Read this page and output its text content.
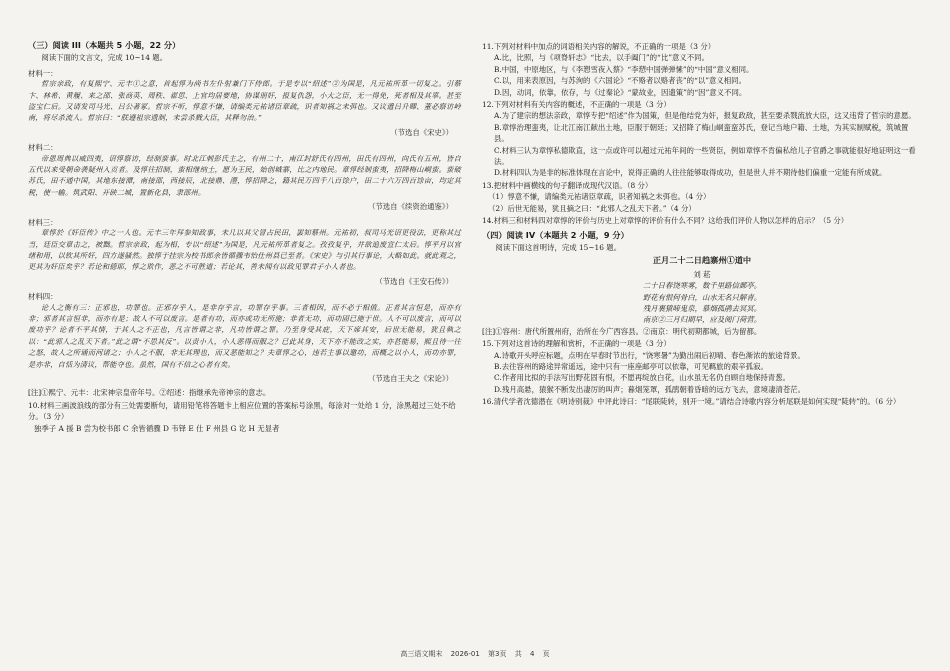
（三）阅读 III（本题共 5 小题，22 分）
阅读下面的文言文，完成 10~14 题。
材料一：
哲宗亲政，有复熙宁、元丰①之意，首起惇为尚书左仆射兼门下侍郎。于是专以“绍述”②为国是，凡元祐所革一切复之。引蔡卞、林希、黄履、来之邵、张商英、周秩、翟思、上官均居要地，协谋朋奸，报复仇怨，小大之臣，无一得免，死者相及其辜。甚至盗宝仁后。又请发司马光、吕公著冢。哲宗不听，惇意不慊，请编类元祐诸臣章疏，识者知祸之未弭也。又议遣吕升卿、董必察访岭南，将尽杀流人。哲宗曰：“朕遵祖宗遗制，未尝杀戮大臣，其释勿治。”
（节选自《宋史》）
材料二：
帝恩周典以威四夷，诏惇察访，经制蛮事。时北江刺彭氏主之，有州二十，南江封舒氏有四州，田氏有四州，向氏有五州，皆自五代以来受朝命袭疑州入贡者。及惇往招制，蛮相继纳土，愿为王民，始创城寨，比之内地民。章惇经制蛮夷，招降梅山峒蛮。蛮破苏氏，田不通中国，其地东接潭，南接邵，西接辰，北接鼎、澧，惇招降之，籍其民万四千八百馀户，田二十六万四百馀亩，均定其税，使一输。筑武阳、开硖二城，置新化县，隶邵州。
（节选自《续资治通鉴》）
材料三：
章惇於《奸臣传》中之一人也。元丰三年拜参知政事，未几以其父冒占民田，罢知蔡州。元祐初，叔司马光诏更役法，更称其过当，廷臣交章击之，被黜。哲宗亲政，起为相，专以“绍述”为国是，凡元祐所革者复之。孜孜复乎，并欲追废宣仁太后。惇平月以官绪和用，以钦其所奸，四方遂骚然。独惇于挂宗为校书郎余皆循骤韦怡仕州县已至者。《宋史》与引其行事论，大略如此。就此观之，更其为奸臣矣乎？若论和德耶，惇之欺作，恶之不可胜道；若论其，善未闻有以政见罪君子小人者也。
（节选自《王安石传》）
材料四：
论人之衡有三：正邪也，功罪也。正邪存乎人，是非存乎言，功罪存乎事。三者相因，而不必于相值。正者其言恒是，而亦有非；邪者其言恒非，而亦有是；故人不可以废言。是者有功，而亦或功无所施；非者无功，而功固已施于世。人不可以废言，而可以废功乎？论者不平其情，于其人之不正也，凡言皆谓之非，凡功皆谓之罪。乃至身受其庇，天下席其安，后世无能易，犹且執之以：“此邪人之乱天下者。”此之谓“不思其反”。以责小人，小人恶得而服之？已此其身，天下亦不能改之实，亦甚能易，熙且待一往之怒，故人之所诵而河诸之；小人之不服，非无其理也，而又恶能知之？夫章惇之心，违若主事以邀功，而概之以小人，而功亦罪，是亦非，自恬为清议，帮能夺也。虽然，国有不信之心者有矣。
（节选自王夫之《宋论》）
[注]①熙宁、元丰：北宋神宗皇帝年号。②绍述：指继承先帝神宗的意志。
10.材料三画波浪线的部分有三处需要断句，请用铅笔将答题卡上相应位置的答案标号涂黑，每涂对一处给 1 分，涂黑超过三处不给分。（3 分）
独季子 A 援 B 尝为校书郎 C 余皆循骤 D 韦铎 E 仕 F 州县 G 讫 H 无显者
11.下列对材料中加点的词语相关内容的解说，不正确的一项是（3 分）
A.比，比照，与《项脊轩志》“比去，以手阖门”的“比”意义不同。
B.中国，中原地区，与《李愬雪夜入蔡》“李愬中国弹弹愫”的“中国”意义相同。
C.以，用来表原因，与苏洵的《六国论》“不赂者以赂者丧”的“以”意义相同。
D.因，动词，依靠，依存，与《过秦论》“蒙故业，因遗策”的“因”意义不同。
12.下列对材料有关内容的概述，不正确的一项是（3 分）
A.为了建宗的想法亲政，章惇专把“绍述”作为国策，但是他结党为奸，报复政敌，甚至要杀戮流放大臣，这又违背了哲宗的意愿。
B.章惇治理蛮夷，让北江南江献出土地，臣服于朝廷；又招降了梅山峒蛮蛮苏氏，登记当地户籍、土地，为其实制赋税，筑城置县。
C.材料三认为章惇私德欺直，这一点或许可以超过元祐年间的一些贤臣，例如章惇不肯偏私给儿子官爵之事就能很好地证明这一看法。
D.材料四认为是非的标准体现在言论中，说得正确的人往往能够取得成功，但是世人并不期待他们偏重一定能有所成就。
13.把材料中画横线的句子翻译成现代汉语。（8 分）
（1）惇意不慊，请编类元祐诸臣章疏，识者知祸之未弭也。（4 分）
（2）后世无能易，犹且摘之曰：“此邪人之乱天下者。”（4 分）
14.材料三和材料四对章惇的评价与历史上对章惇的评价有什么不同？这给我们评价人物以怎样的启示？（5 分）
（四）阅读 IV（本题共 2 小题，9 分）
阅读下面这首明诗，完成 15~16 题。
正月二十二日趋寨州①道中
刘 菘
二十日春饶寒雾，数千里路信郵亭。
野花有恨何骨白，山水无名只解青。
残月裹猿啼鬼泉，慕烟孤鹃去冥冥。
南京②三月归期早，应及阅门荷营。
[注]①容州：唐代所置州府，治所在今广西容县。②南京：明代初期都城，后为留都。
15.下列对这首诗的理解和赏析，不正确的一项是（3 分）
A.诗歌开头呼应标题，点明在早春时节出行，“饶寒暑”为勤出闹后初晴、春色渐浓的旅途背景。
B.去往容州的路途异常遥远，途中只有一座座邮亭可以依靠，可见羁旅的艰辛孤寂。
C.作者用比拟的手法写出野花固有恨，不愿再绽放白花，山水虽无名仍自顾自地保持青葱。
D.残月高悬，猿猴不断发出凄厉的叫声；暮烟笼罩，孤鹃朝着昏暗的远方飞去，意境凄清苍茫。
16.清代学者沈德潜在《明诗别裁》中评此诗曰：“尾联陡转，别开一境。”请结合诗歌内容分析尾联是如何实现“陡转”的。（6 分）
高三语文期末 2026-01 第3页 共 4 页
